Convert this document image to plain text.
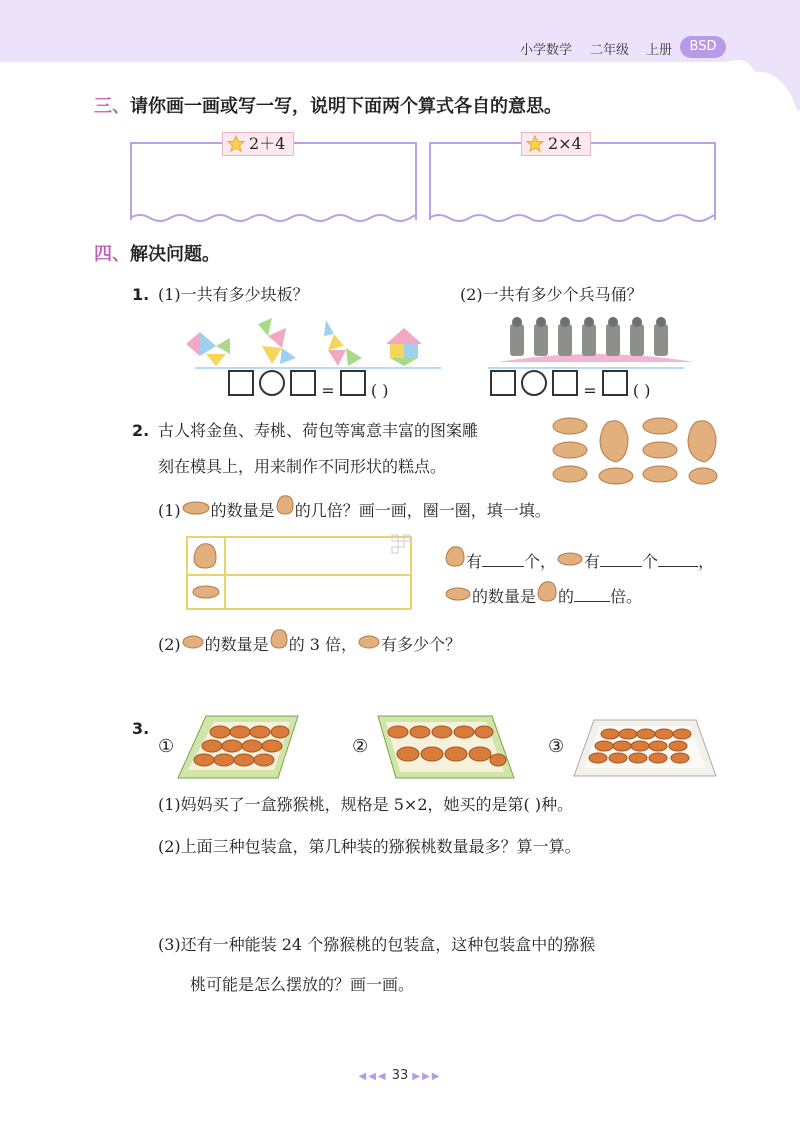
小学数学 二年级 上册	BSD
三、请你画一画或写一写，说明下面两个算式各自的意思。
2＋4	2×4
四、解决问题。
1. (1)一共有多少块板？	(2)一共有多少个兵马俑？
= ( )	= ( )
2. 古人将金鱼、寿桃、荷包等寓意丰富的图案雕
刻在模具上，用来制作不同形状的糕点。
(1) 的数量是 的几倍？画一画，圈一圈，填一填。
有	个， 有	个	，
的数量是 的 倍。
(2) 的数量是 的 3 倍， 有多少个？
3.
①	②	③
(1)妈妈买了一盒猕猴桃，规格是 5×2，她买的是第( )种。
(2)上面三种包装盒，第几种装的猕猴桃数量最多？算一算。
(3)还有一种能装 24 个猕猴桃的包装盒，这种包装盒中的猕猴
桃可能是怎么摆放的？画一画。
◀◀◀ 33 ▶▶▶
